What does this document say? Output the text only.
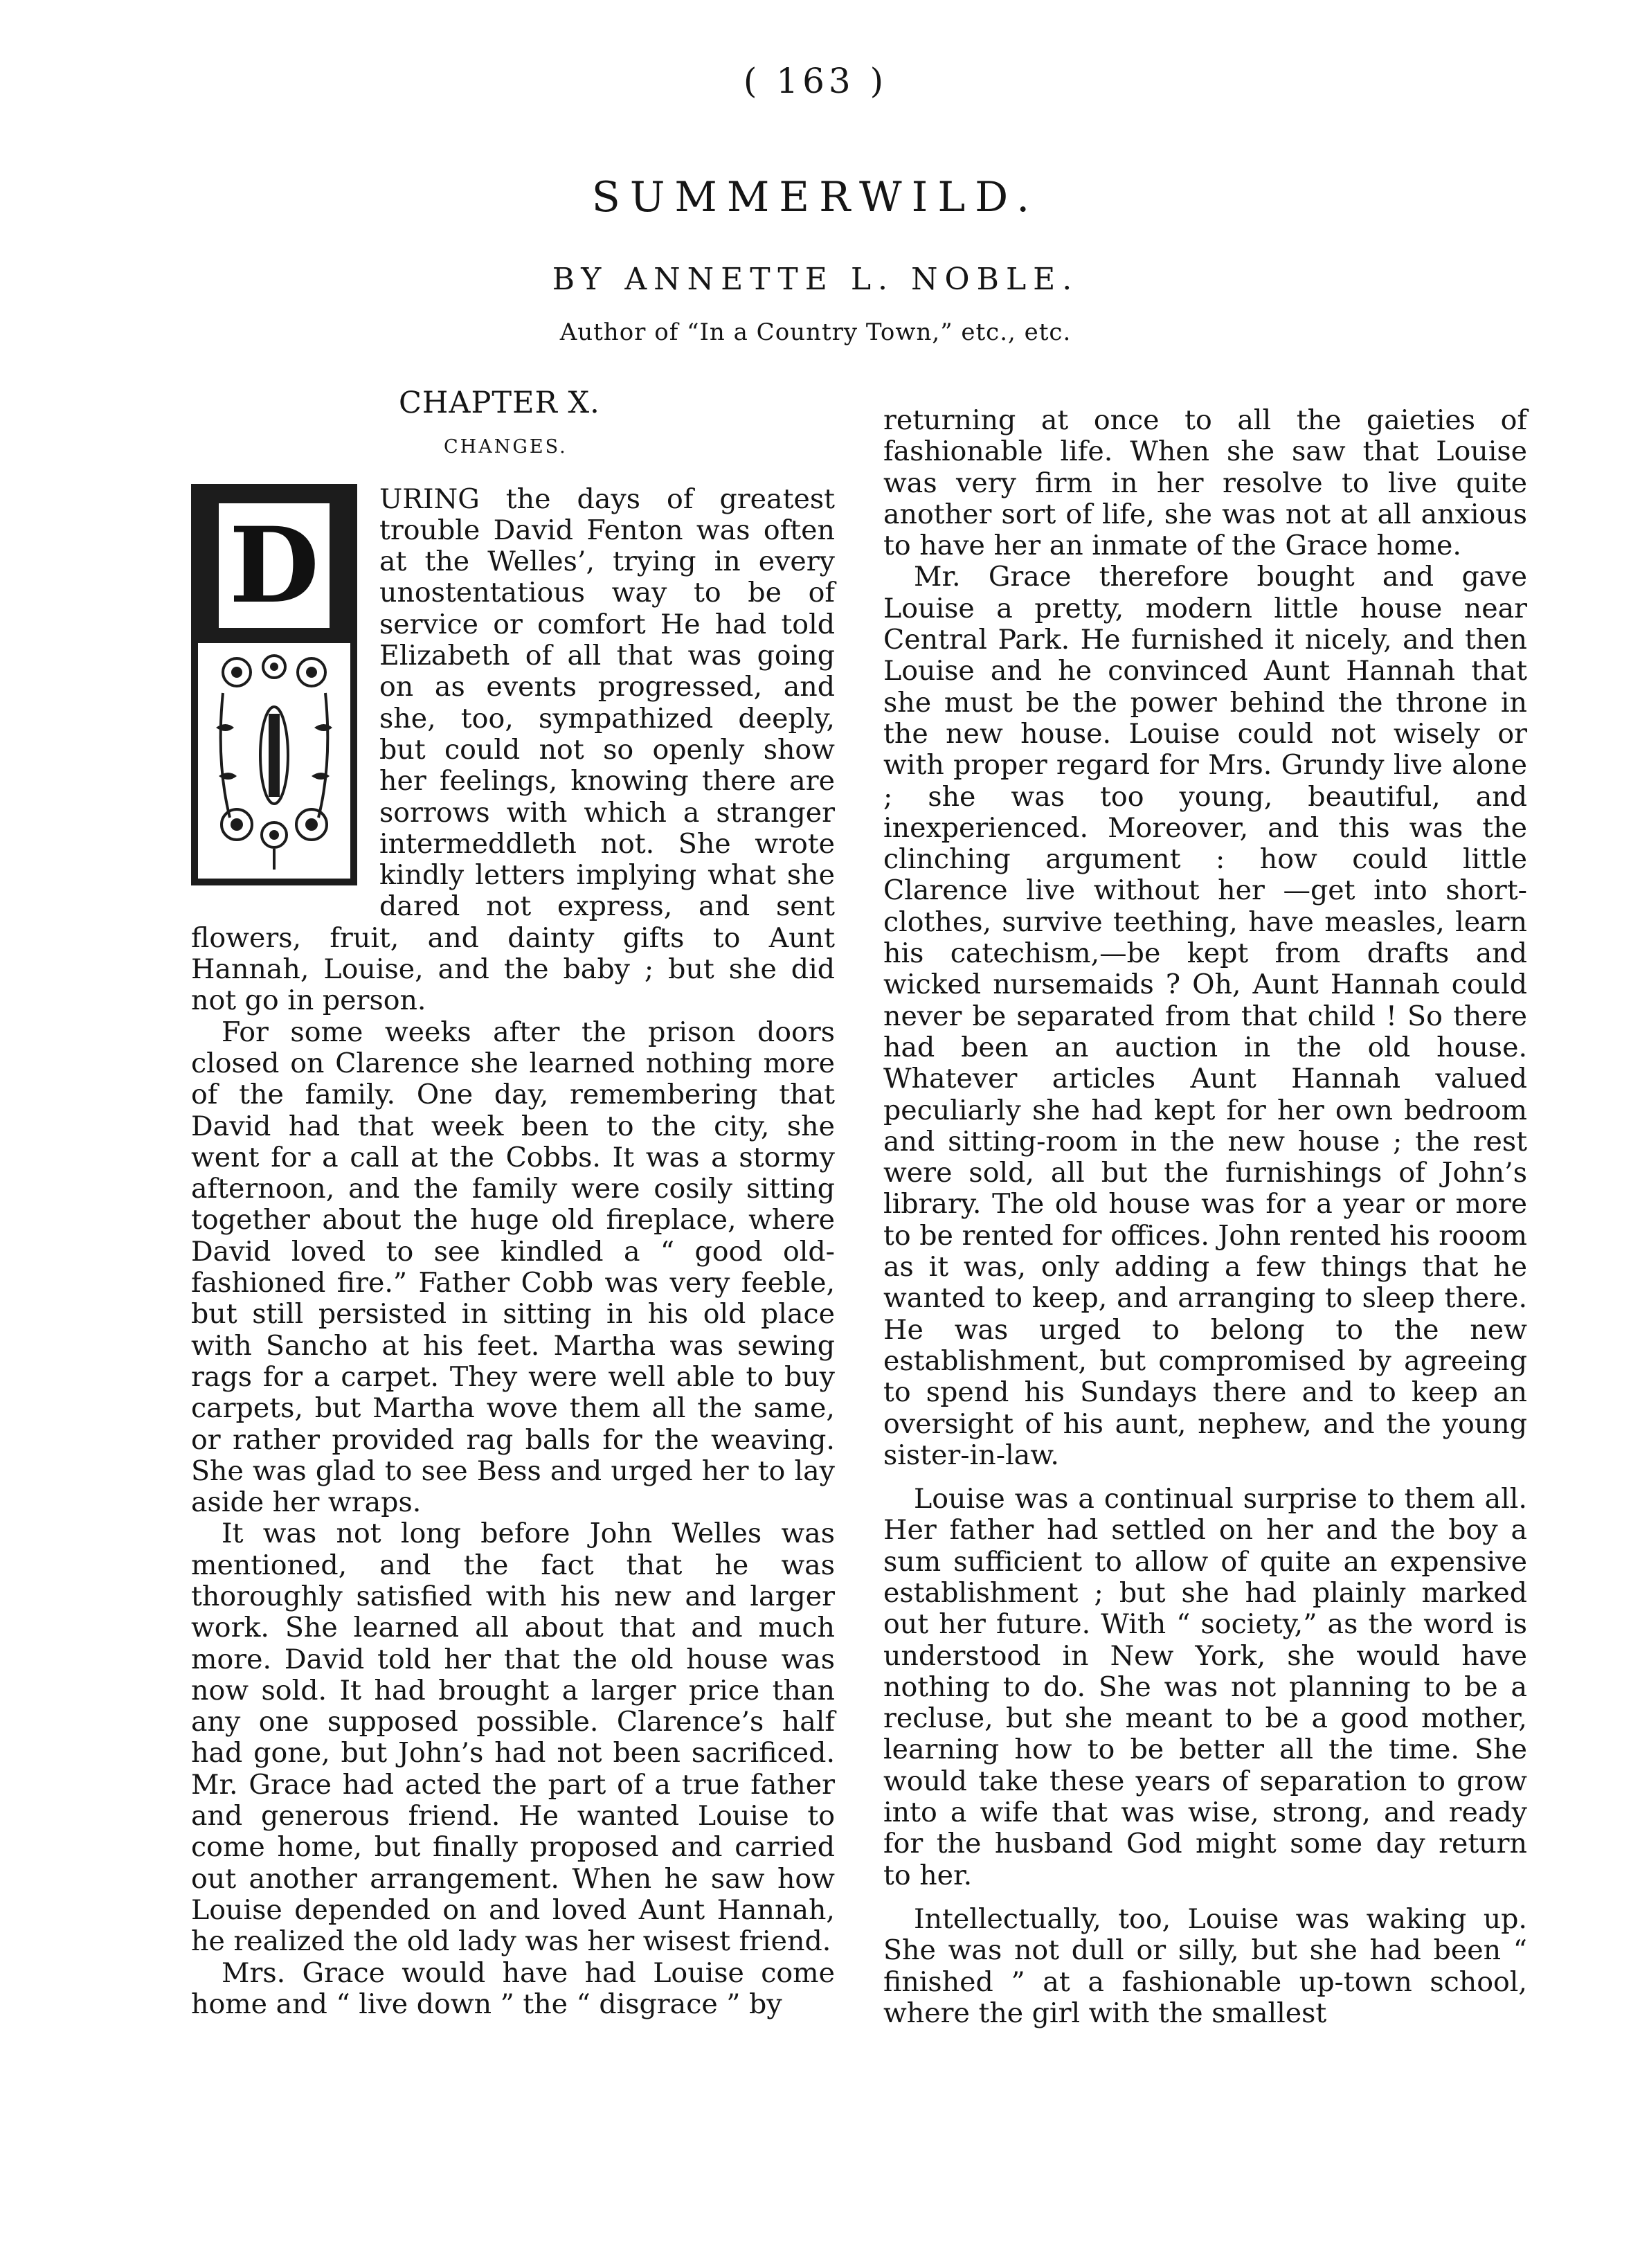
( 163 )
SUMMERWILD.
BY ANNETTE L. NOBLE.
Author of “In a Country Town,” etc., etc.
CHAPTER X.
CHANGES.
D

URING the days of greatest trouble David Fenton was often at the Welles’, trying in every unostentatious way to be of service or comfort He had told Elizabeth of all that was going on as events progressed, and she, too, sympathized deeply, but could not so openly show her feelings, knowing there are sorrows with which a stranger intermeddleth not. She wrote kindly letters implying what she dared not express, and sent flowers, fruit, and dainty gifts to Aunt Hannah, Louise, and the baby ; but she did not go in person.

For some weeks after the prison doors closed on Clarence she learned nothing more of the family. One day, remembering that David had that week been to the city, she went for a call at the Cobbs. It was a stormy afternoon, and the family were cosily sitting together about the huge old fireplace, where David loved to see kindled a “ good old-fashioned fire.” Father Cobb was very feeble, but still persisted in sitting in his old place with Sancho at his feet. Martha was sewing rags for a carpet. They were well able to buy carpets, but Martha wove them all the same, or rather provided rag balls for the weaving. She was glad to see Bess and urged her to lay aside her wraps.

It was not long before John Welles was mentioned, and the fact that he was thoroughly satisfied with his new and larger work. She learned all about that and much more. David told her that the old house was now sold. It had brought a larger price than any one supposed possible. Clarence’s half had gone, but John’s had not been sacrificed. Mr. Grace had acted the part of a true father and generous friend. He wanted Louise to come home, but finally proposed and carried out another arrangement. When he saw how Louise depended on and loved Aunt Hannah, he realized the old lady was her wisest friend.

Mrs. Grace would have had Louise come home and “ live down ” the “ disgrace ” by

returning at once to all the gaieties of fashionable life. When she saw that Louise was very firm in her resolve to live quite another sort of life, she was not at all anxious to have her an inmate of the Grace home.

Mr. Grace therefore bought and gave Louise a pretty, modern little house near Central Park. He furnished it nicely, and then Louise and he convinced Aunt Hannah that she must be the power behind the throne in the new house. Louise could not wisely or with proper regard for Mrs. Grundy live alone ; she was too young, beautiful, and inexperienced. Moreover, and this was the clinching argument : how could little Clarence live without her —get into short-clothes, survive teething, have measles, learn his catechism,—be kept from drafts and wicked nursemaids ? Oh, Aunt Hannah could never be separated from that child ! So there had been an auction in the old house. Whatever articles Aunt Hannah valued peculiarly she had kept for her own bedroom and sitting-room in the new house ; the rest were sold, all but the furnishings of John’s library. The old house was for a year or more to be rented for offices. John rented his rooom as it was, only adding a few things that he wanted to keep, and arranging to sleep there. He was urged to belong to the new establishment, but compromised by agreeing to spend his Sundays there and to keep an oversight of his aunt, nephew, and the young sister-in-law.

Louise was a continual surprise to them all. Her father had settled on her and the boy a sum sufficient to allow of quite an expensive establishment ; but she had plainly marked out her future. With “ society,” as the word is understood in New York, she would have nothing to do. She was not planning to be a recluse, but she meant to be a good mother, learning how to be better all the time. She would take these years of separation to grow into a wife that was wise, strong, and ready for the husband God might some day return to her.

Intellectually, too, Louise was waking up. She was not dull or silly, but she had been “ finished ” at a fashionable up-town school, where the girl with the smallest
